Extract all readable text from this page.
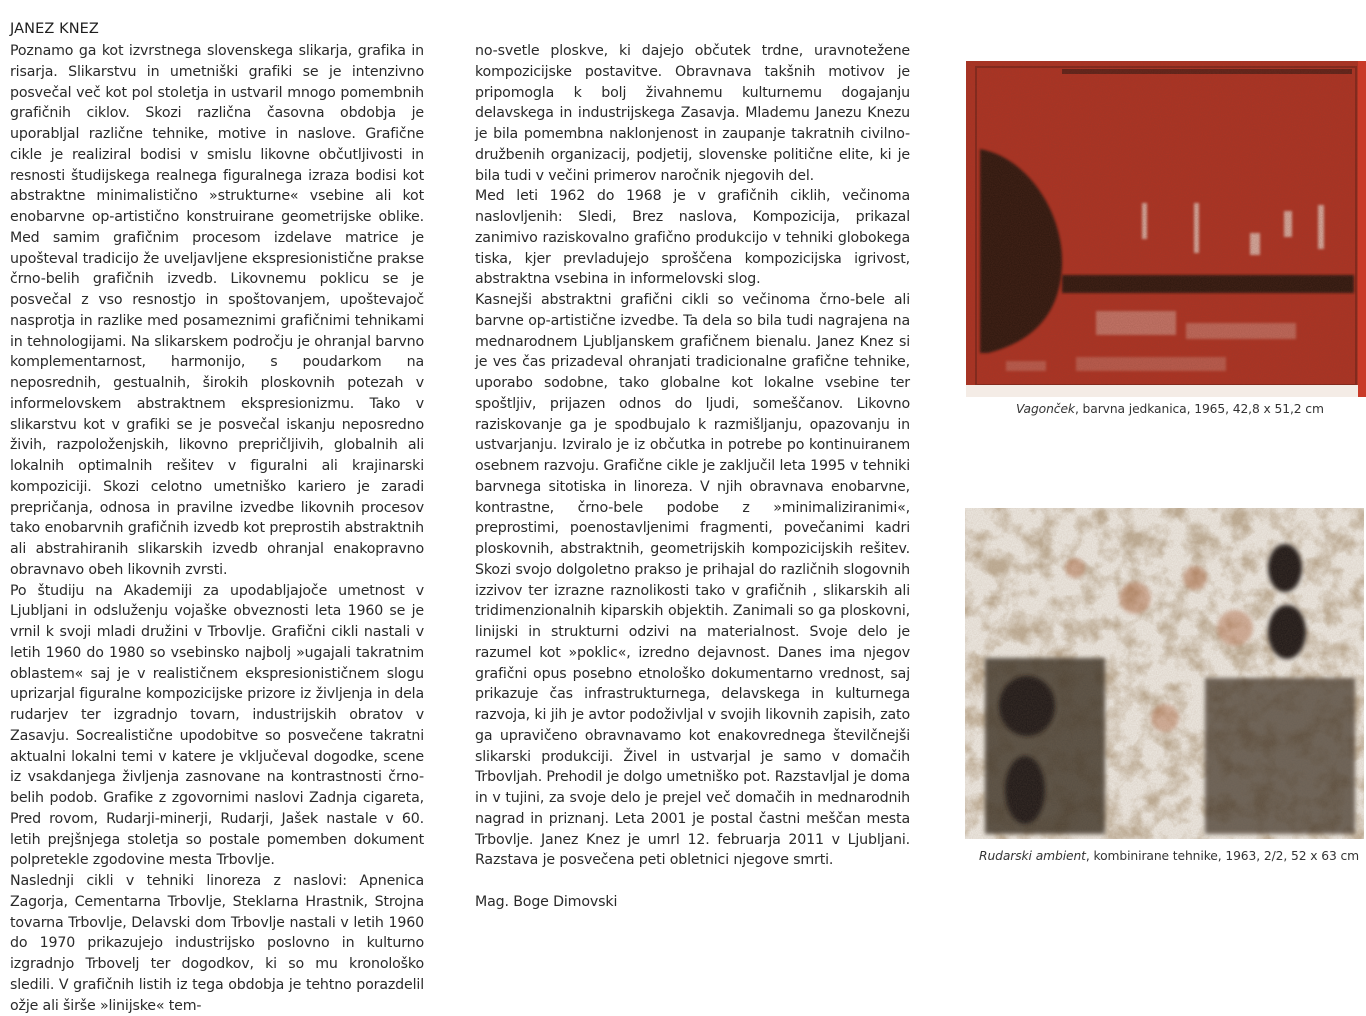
JANEZ KNEZ

Poznamo ga kot izvrstnega slovenskega slikarja, grafika in risarja. Slikarstvu in umetniški grafiki se je intenzivno posvečal več kot pol stoletja in ustvaril mnogo pomembnih grafičnih ciklov. Skozi različna časovna obdobja je uporabljal različne tehnike, motive in naslove. Grafične cikle je realiziral bodisi v smislu likovne občutljivosti in resnosti študijskega realnega figuralnega izraza bodisi kot abstraktne minimalistično »strukturne« vsebine ali kot enobarvne op-artistično konstruirane geometrijske oblike. Med samim grafičnim procesom izdelave matrice je upošteval tradicijo že uveljavljene ekspresionistične prakse črno-belih grafičnih izvedb. Likovnemu poklicu se je posvečal z vso resnostjo in spoštovanjem, upoštevajoč nasprotja in razlike med posameznimi grafičnimi tehnikami in tehnologijami. Na slikarskem področju je ohranjal barvno komplementarnost, harmonijo, s poudarkom na neposrednih, gestualnih, širokih ploskovnih potezah v informelovskem abstraktnem ekspresionizmu. Tako v slikarstvu kot v grafiki se je posvečal iskanju neposredno živih, razpoloženjskih, likovno prepričljivih, globalnih ali lokalnih optimalnih rešitev v figuralni ali krajinarski kompoziciji. Skozi celotno umetniško kariero je zaradi prepričanja, odnosa in pravilne izvedbe likovnih procesov tako enobarvnih grafičnih izvedb kot preprostih abstraktnih ali abstrahiranih slikarskih izvedb ohranjal enakopravno obravnavo obeh likovnih zvrsti.

Po študiju na Akademiji za upodabljajoče umetnost v Ljubljani in odsluženju vojaške obveznosti leta 1960 se je vrnil k svoji mladi družini v Trbovlje. Grafični cikli nastali v letih 1960 do 1980 so vsebinsko najbolj »ugajali takratnim oblastem« saj je v realističnem ekspresionističnem slogu uprizarjal figuralne kompozicijske prizore iz življenja in dela rudarjev ter izgradnjo tovarn, industrijskih obratov v Zasavju. Socrealistične upodobitve so posvečene takratni aktualni lokalni temi v katere je vključeval dogodke, scene iz vsakdanjega življenja zasnovane na kontrastnosti črno-belih podob. Grafike z zgovornimi naslovi Zadnja cigareta, Pred rovom, Rudarji-minerji, Rudarji, Jašek nastale v 60. letih prejšnjega stoletja so postale pomemben dokument polpretekle zgodovine mesta Trbovlje.

Naslednji cikli v tehniki linoreza z naslovi: Apnenica Zagorja, Cementarna Trbovlje, Steklarna Hrastnik, Strojna tovarna Trbovlje, Delavski dom Trbovlje nastali v letih 1960 do 1970 prikazujejo industrijsko poslovno in kulturno izgradnjo Trbovelj ter dogodkov, ki so mu kronološko sledili. V grafičnih listih iz tega obdobja je tehtno porazdelil ožje ali širše »linijske« tem-

no-svetle ploskve, ki dajejo občutek trdne, uravnotežene kompozicijske postavitve. Obravnava takšnih motivov je pripomogla k bolj živahnemu kulturnemu dogajanju delavskega in industrijskega Zasavja. Mlademu Janezu Knezu je bila pomembna naklonjenost in zaupanje takratnih civilno-družbenih organizacij, podjetij, slovenske politične elite, ki je bila tudi v večini primerov naročnik njegovih del.

Med leti 1962 do 1968 je v grafičnih ciklih, večinoma naslovljenih: Sledi, Brez naslova, Kompozicija, prikazal zanimivo raziskovalno grafično produkcijo v tehniki globokega tiska, kjer prevladujejo sproščena kompozicijska igrivost, abstraktna vsebina in informelovski slog.

Kasnejši abstraktni grafični cikli so večinoma črno-bele ali barvne op-artistične izvedbe. Ta dela so bila tudi nagrajena na mednarodnem Ljubljanskem grafičnem bienalu. Janez Knez si je ves čas prizadeval ohranjati tradicionalne grafične tehnike, uporabo sodobne, tako globalne kot lokalne vsebine ter spoštljiv, prijazen odnos do ljudi, someščanov. Likovno raziskovanje ga je spodbujalo k razmišljanju, opazovanju in ustvarjanju. Izviralo je iz občutka in potrebe po kontinuiranem osebnem razvoju. Grafične cikle je zaključil leta 1995 v tehniki barvnega sitotiska in linoreza. V njih obravnava enobarvne, kontrastne, črno-bele podobe z »minimaliziranimi«, preprostimi, poenostavljenimi fragmenti, povečanimi kadri ploskovnih, abstraktnih, geometrijskih kompozicijskih rešitev. Skozi svojo dolgoletno prakso je prihajal do različnih slogovnih izzivov ter izrazne raznolikosti tako v grafičnih , slikarskih ali tridimenzionalnih kiparskih objektih. Zanimali so ga ploskovni, linijski in strukturni odzivi na materialnost. Svoje delo je razumel kot »poklic«, izredno dejavnost. Danes ima njegov grafični opus posebno etnološko dokumentarno vrednost, saj prikazuje čas infrastrukturnega, delavskega in kulturnega razvoja, ki jih je avtor podoživljal v svojih likovnih zapisih, zato ga upravičeno obravnavamo kot enakovrednega številčnejši slikarski produkciji. Živel in ustvarjal je samo v domačih Trbovljah. Prehodil je dolgo umetniško pot. Razstavljal je doma in v tujini, za svoje delo je prejel več domačih in mednarodnih nagrad in priznanj. Leta 2001 je postal častni meščan mesta Trbovlje. Janez Knez je umrl 12. februarja 2011 v Ljubljani. Razstava je posvečena peti obletnici njegove smrti.

Mag. Boge Dimovski

Vagonček, barvna jedkanica, 1965, 42,8 x 51,2 cm
Rudarski ambient, kombinirane tehnike, 1963, 2/2, 52 x 63 cm
